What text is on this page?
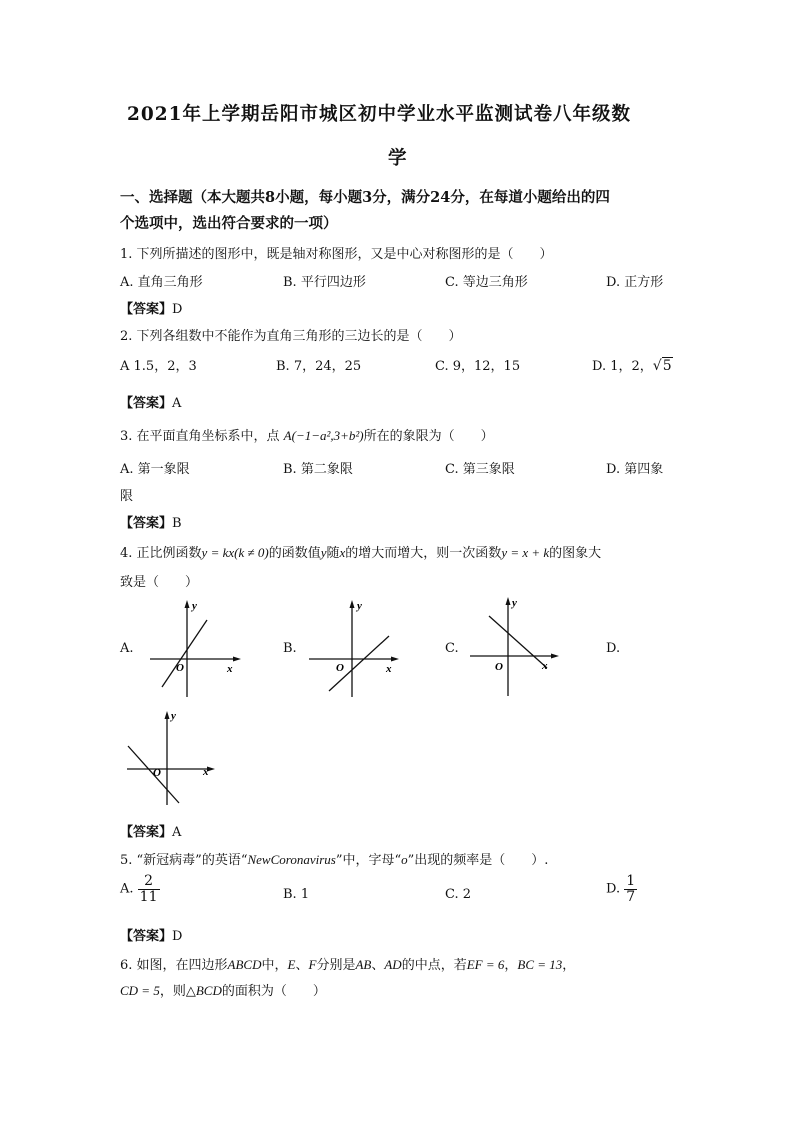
2021年上学期岳阳市城区初中学业水平监测试卷八年级数
学
一、选择题（本大题共8小题，每小题3分，满分24分，在每道小题给出的四
个选项中，选出符合要求的一项）
1. 下列所描述的图形中，既是轴对称图形，又是中心对称图形的是（　　）
A. 直角三角形	B. 平行四边形	C. 等边三角形	D. 正方形
【答案】D
2. 下列各组数中不能作为直角三角形的三边长的是（　　）
A 1.5，2，3	B. 7，24，25	C. 9，12，15	D. 1，2，√5
【答案】A
3. 在平面直角坐标系中，点 A(−1−a²,3+b²)所在的象限为（　　）
A. 第一象限	B. 第二象限	C. 第三象限	D. 第四象
限
【答案】B
4. 正比例函数y = kx(k ≠ 0)的函数值y随x的增大而增大，则一次函数y = x + k的图象大
致是（　　）
A.	B.	C.	D.
y
x
O
y
x
O
y
x
O
y
x
O
【答案】A
5. “新冠病毒”的英语“NewCoronavirus”中，字母“o”出现的频率是（　　）.
A. $\frac{2}{11}$	B. 1	C. 2	D. $\frac{1}{7}$
【答案】D
6. 如图，在四边形ABCD中，E、F分别是AB、AD的中点，若EF = 6，BC = 13，
CD = 5，则△BCD的面积为（　　）
